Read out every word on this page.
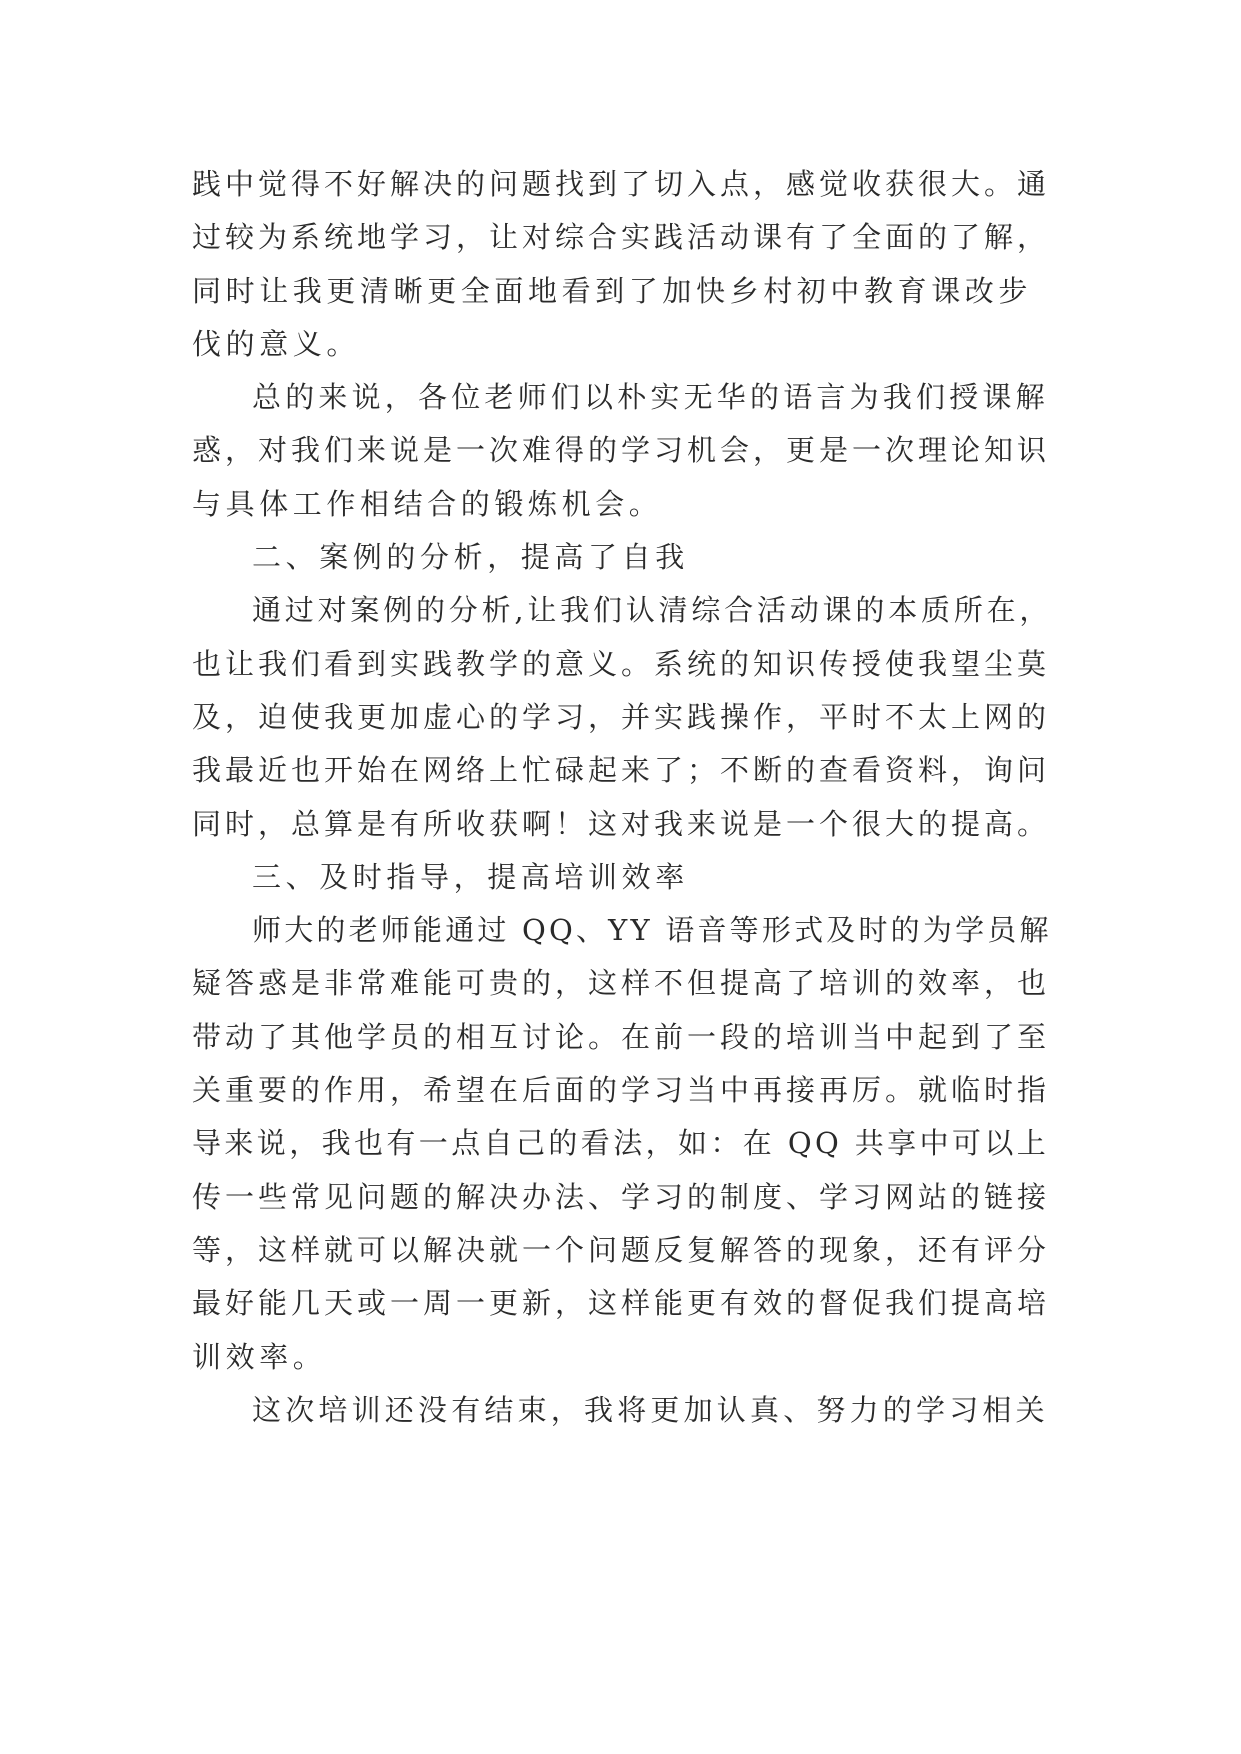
践中觉得不好解决的问题找到了切入点，感觉收获很大。通
过较为系统地学习，让对综合实践活动课有了全面的了解，
同时让我更清晰更全面地看到了加快乡村初中教育课改步
伐的意义。
总的来说，各位老师们以朴实无华的语言为我们授课解
惑，对我们来说是一次难得的学习机会，更是一次理论知识
与具体工作相结合的锻炼机会。
二、案例的分析，提高了自我
通过对案例的分析,让我们认清综合活动课的本质所在，
也让我们看到实践教学的意义。系统的知识传授使我望尘莫
及，迫使我更加虚心的学习，并实践操作，平时不太上网的
我最近也开始在网络上忙碌起来了；不断的查看资料，询问
同时，总算是有所收获啊！这对我来说是一个很大的提高。
三、及时指导，提高培训效率
师大的老师能通过 QQ、YY 语音等形式及时的为学员解
疑答惑是非常难能可贵的，这样不但提高了培训的效率，也
带动了其他学员的相互讨论。在前一段的培训当中起到了至
关重要的作用，希望在后面的学习当中再接再厉。就临时指
导来说，我也有一点自己的看法，如：在 QQ 共享中可以上
传一些常见问题的解决办法、学习的制度、学习网站的链接
等，这样就可以解决就一个问题反复解答的现象，还有评分
最好能几天或一周一更新，这样能更有效的督促我们提高培
训效率。
这次培训还没有结束，我将更加认真、努力的学习相关
